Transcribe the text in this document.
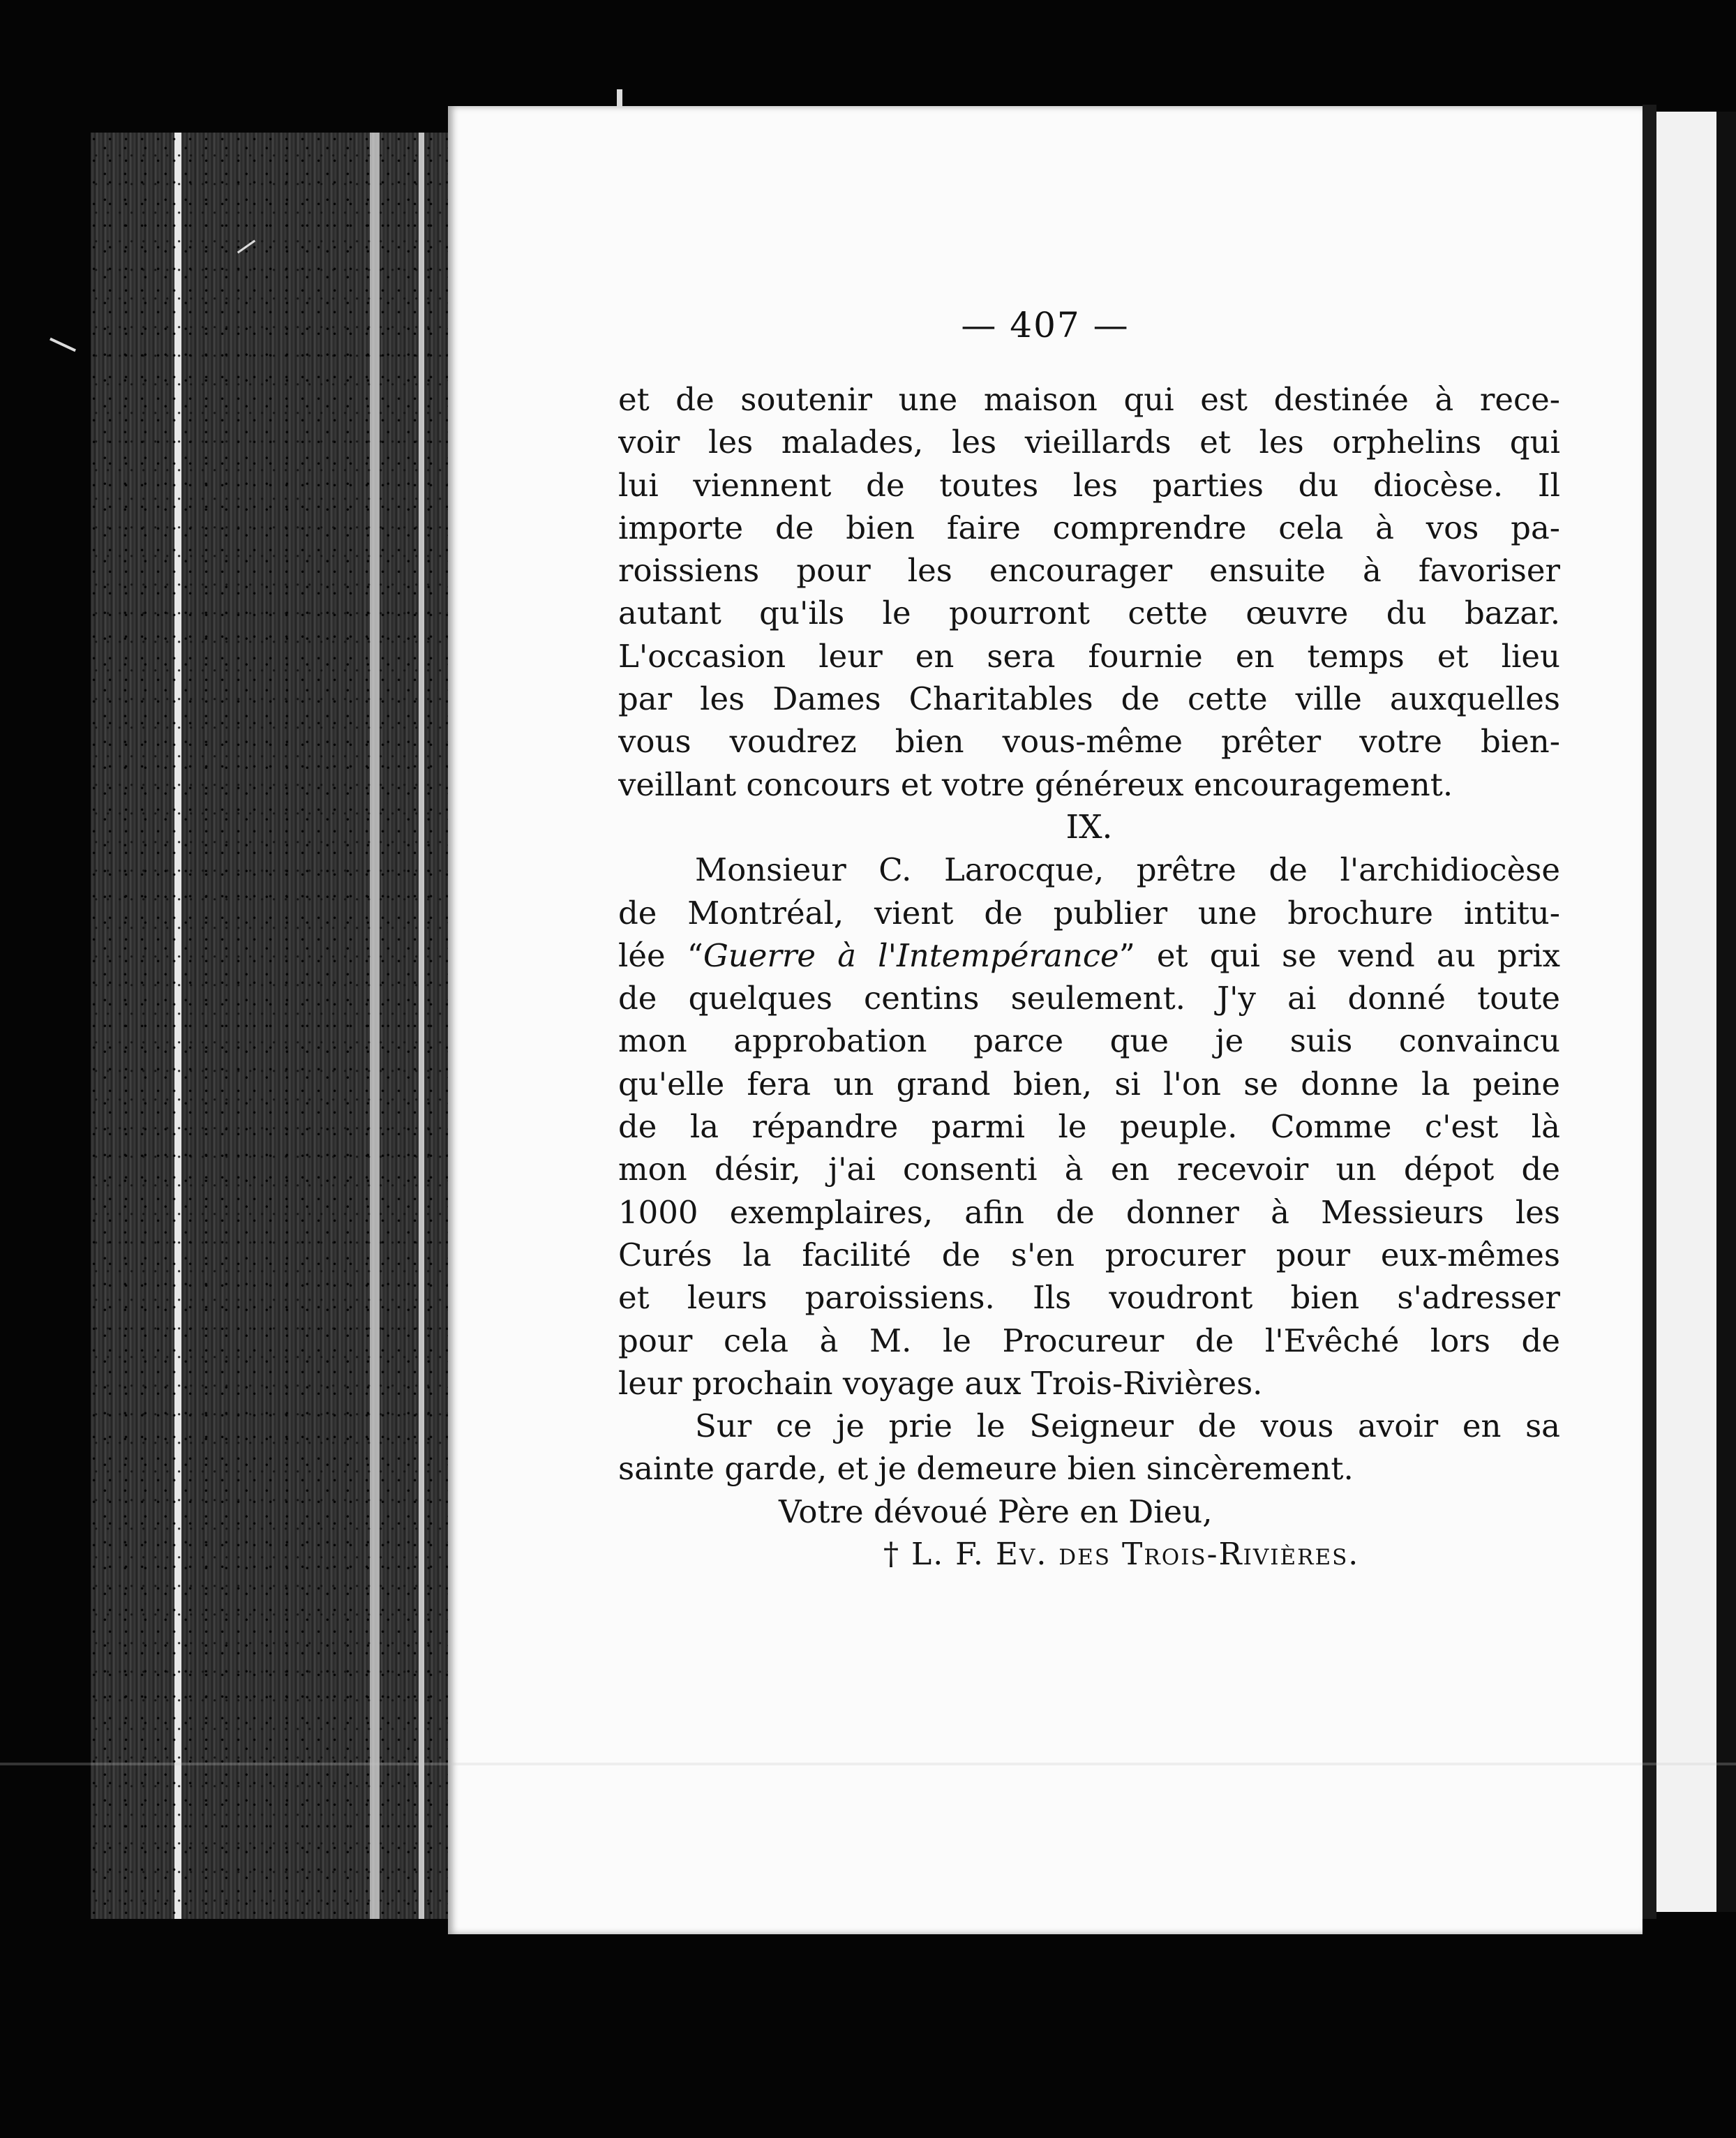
— 407 —
et de soutenir une maison qui est destinée à rece-
voir les malades, les vieillards et les orphelins qui
lui viennent de toutes les parties du diocèse. Il
importe de bien faire comprendre cela à vos pa-
roissiens pour les encourager ensuite à favoriser
autant qu'ils le pourront cette œuvre du bazar.
L'occasion leur en sera fournie en temps et lieu
par les Dames Charitables de cette ville auxquelles
vous voudrez bien vous-même prêter votre bien-
veillant concours et votre généreux encouragement.
IX.
Monsieur C. Larocque, prêtre de l'archidiocèse
de Montréal, vient de publier une brochure intitu-
lée “Guerre à l'Intempérance” et qui se vend au prix
de quelques centins seulement. J'y ai donné toute
mon approbation parce que je suis convaincu
qu'elle fera un grand bien, si l'on se donne la peine
de la répandre parmi le peuple. Comme c'est là
mon désir, j'ai consenti à en recevoir un dépot de
1000 exemplaires, afin de donner à Messieurs les
Curés la facilité de s'en procurer pour eux-mêmes
et leurs paroissiens. Ils voudront bien s'adresser
pour cela à M. le Procureur de l'Evêché lors de
leur prochain voyage aux Trois-Rivières.
Sur ce je prie le Seigneur de vous avoir en sa
sainte garde, et je demeure bien sincèrement.
Votre dévoué Père en Dieu,
† L. F. Ev. des Trois-Rivières.
